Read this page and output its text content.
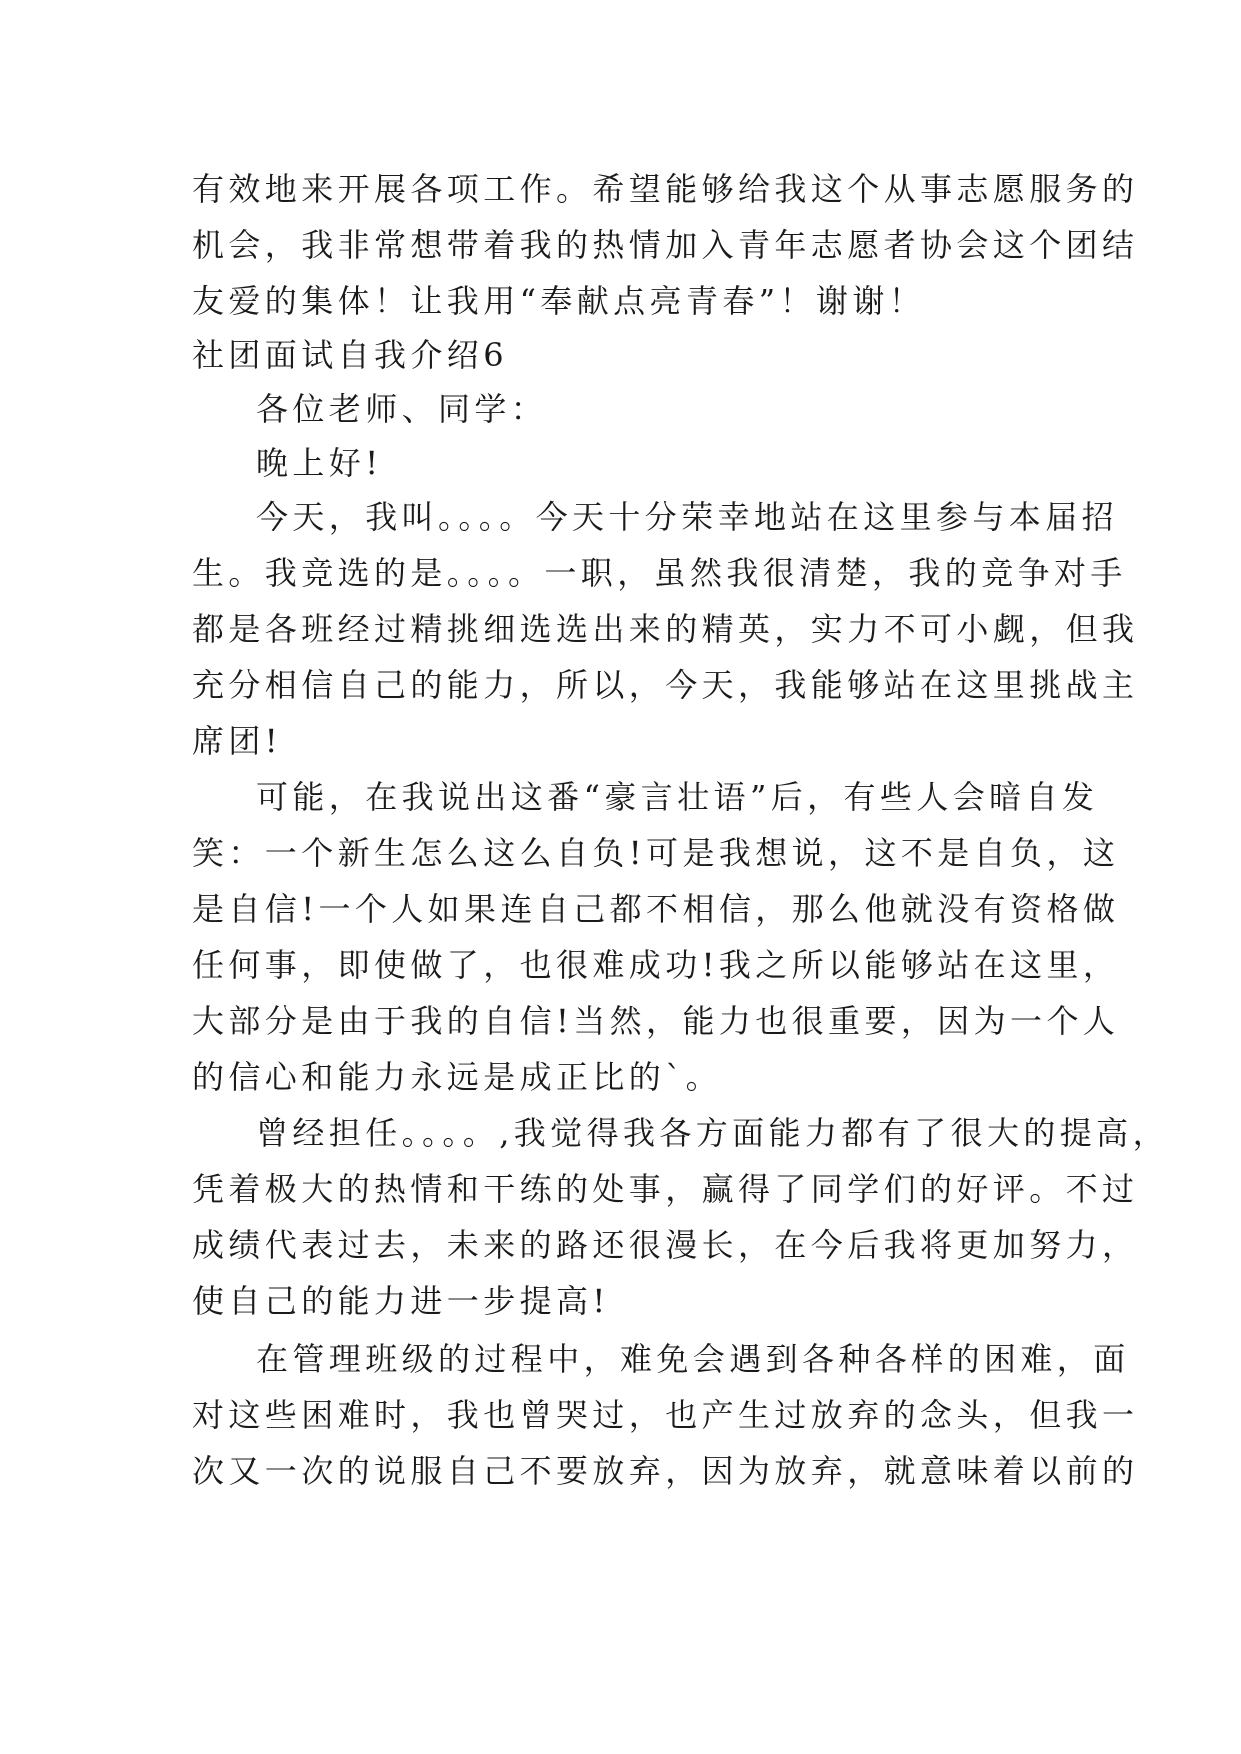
有效地来开展各项工作。希望能够给我这个从事志愿服务的
机会，我非常想带着我的热情加入青年志愿者协会这个团结
友爱的集体！让我用“奉献点亮青春”！谢谢！
社团面试自我介绍6
各位老师、同学：
晚上好!
今天，我叫。。。。今天十分荣幸地站在这里参与本届招
生。我竞选的是。。。。一职，虽然我很清楚，我的竞争对手
都是各班经过精挑细选选出来的精英，实力不可小觑，但我
充分相信自己的能力，所以，今天，我能够站在这里挑战主
席团!
可能，在我说出这番“豪言壮语”后，有些人会暗自发
笑：一个新生怎么这么自负!可是我想说，这不是自负，这
是自信!一个人如果连自己都不相信，那么他就没有资格做
任何事，即使做了，也很难成功!我之所以能够站在这里，
大部分是由于我的自信!当然，能力也很重要，因为一个人
的信心和能力永远是成正比的`。
曾经担任。。。。,我觉得我各方面能力都有了很大的提高，
凭着极大的热情和干练的处事，赢得了同学们的好评。不过
成绩代表过去，未来的路还很漫长，在今后我将更加努力，
使自己的能力进一步提高!
在管理班级的过程中，难免会遇到各种各样的困难，面
对这些困难时，我也曾哭过，也产生过放弃的念头，但我一
次又一次的说服自己不要放弃，因为放弃，就意味着以前的
